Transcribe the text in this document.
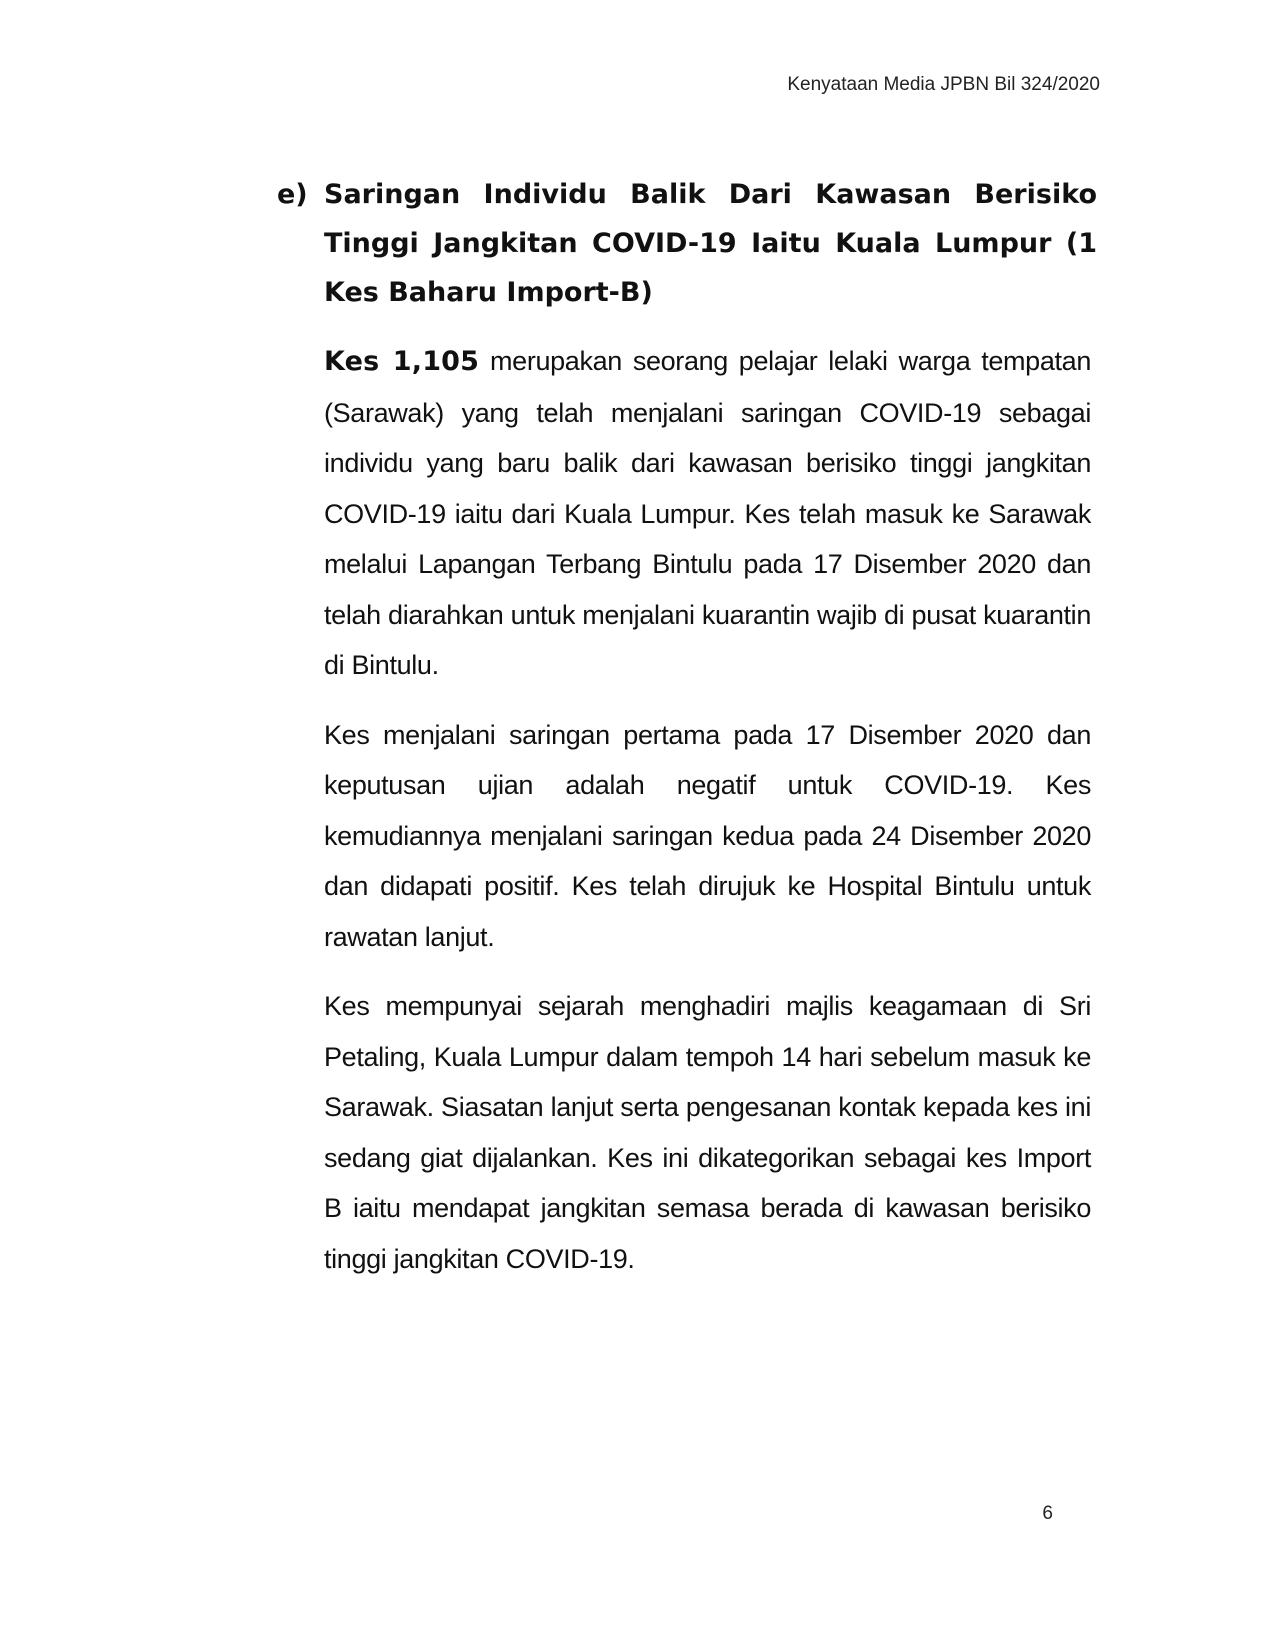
Kenyataan Media JPBN Bil 324/2020
e) Saringan Individu Balik Dari Kawasan Berisiko Tinggi Jangkitan COVID-19 Iaitu Kuala Lumpur (1 Kes Baharu Import-B)

Kes 1,105 merupakan seorang pelajar lelaki warga tempatan (Sarawak) yang telah menjalani saringan COVID-19 sebagai individu yang baru balik dari kawasan berisiko tinggi jangkitan COVID-19 iaitu dari Kuala Lumpur. Kes telah masuk ke Sarawak melalui Lapangan Terbang Bintulu pada 17 Disember 2020 dan telah diarahkan untuk menjalani kuarantin wajib di pusat kuarantin di Bintulu.

Kes menjalani saringan pertama pada 17 Disember 2020 dan keputusan ujian adalah negatif untuk COVID-19. Kes kemudiannya menjalani saringan kedua pada 24 Disember 2020 dan didapati positif. Kes telah dirujuk ke Hospital Bintulu untuk rawatan lanjut.

Kes mempunyai sejarah menghadiri majlis keagamaan di Sri Petaling, Kuala Lumpur dalam tempoh 14 hari sebelum masuk ke Sarawak. Siasatan lanjut serta pengesanan kontak kepada kes ini sedang giat dijalankan. Kes ini dikategorikan sebagai kes Import B iaitu mendapat jangkitan semasa berada di kawasan berisiko tinggi jangkitan COVID-19.

6
